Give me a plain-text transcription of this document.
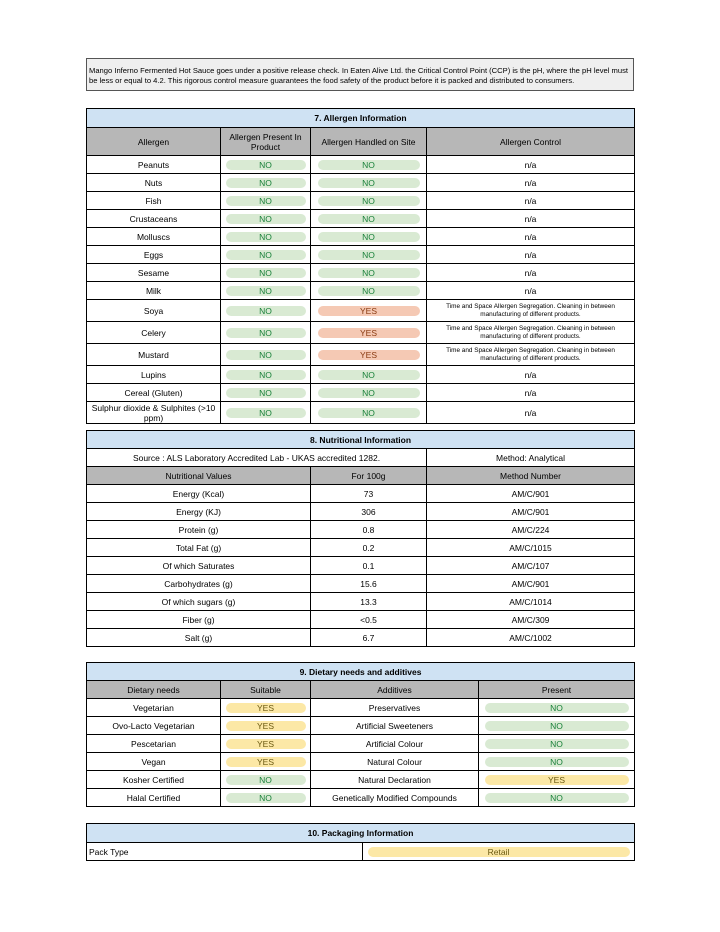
Mango Inferno Fermented Hot Sauce goes under a positive release check. In Eaten Alive Ltd. the Critical Control Point (CCP) is the pH, where the pH level must be less or equal to 4.2. This rigorous control measure guarantees the food safety of the product before it is packed and distributed to consumers.
7. Allergen Information			
Allergen	Allergen Present In Product	Allergen Handled on Site	Allergen Control
Peanuts	NO	NO	n/a
Nuts	NO	NO	n/a
Fish	NO	NO	n/a
Crustaceans	NO	NO	n/a
Molluscs	NO	NO	n/a
Eggs	NO	NO	n/a
Sesame	NO	NO	n/a
Milk	NO	NO	n/a
Soya	NO	YES	Time and Space Allergen Segregation. Cleaning in between manufacturing of different products.
Celery	NO	YES	Time and Space Allergen Segregation. Cleaning in between manufacturing of different products.
Mustard	NO	YES	Time and Space Allergen Segregation. Cleaning in between manufacturing of different products.
Lupins	NO	NO	n/a
Cereal (Gluten)	NO	NO	n/a
Sulphur dioxide & Sulphites (>10 ppm)	NO	NO	n/a
8. Nutritional Information		
Source : ALS Laboratory Accredited Lab - UKAS accredited 1282.		Method: Analytical
Nutritional Values	For 100g	Method Number
Energy (Kcal)	73	AM/C/901
Energy (KJ)	306	AM/C/901
Protein (g)	0.8	AM/C/224
Total Fat (g)	0.2	AM/C/1015
Of which Saturates	0.1	AM/C/107
Carbohydrates (g)	15.6	AM/C/901
Of which sugars (g)	13.3	AM/C/1014
Fiber (g)	<0.5	AM/C/309
Salt (g)	6.7	AM/C/1002
9. Dietary needs and additives			
Dietary needs	Suitable	Additives	Present
Vegetarian	YES	Preservatives	NO

Ovo-Lacto Vegetarian	YES	Artificial Sweeteners	NO

Pescetarian	YES	Artificial Colour	NO

Vegan	YES	Natural Colour	NO

Kosher Certified	NO	Natural Declaration	YES

Halal Certified	NO	Genetically Modified Compounds	NO
10. Packaging Information
Pack Type	Retail
